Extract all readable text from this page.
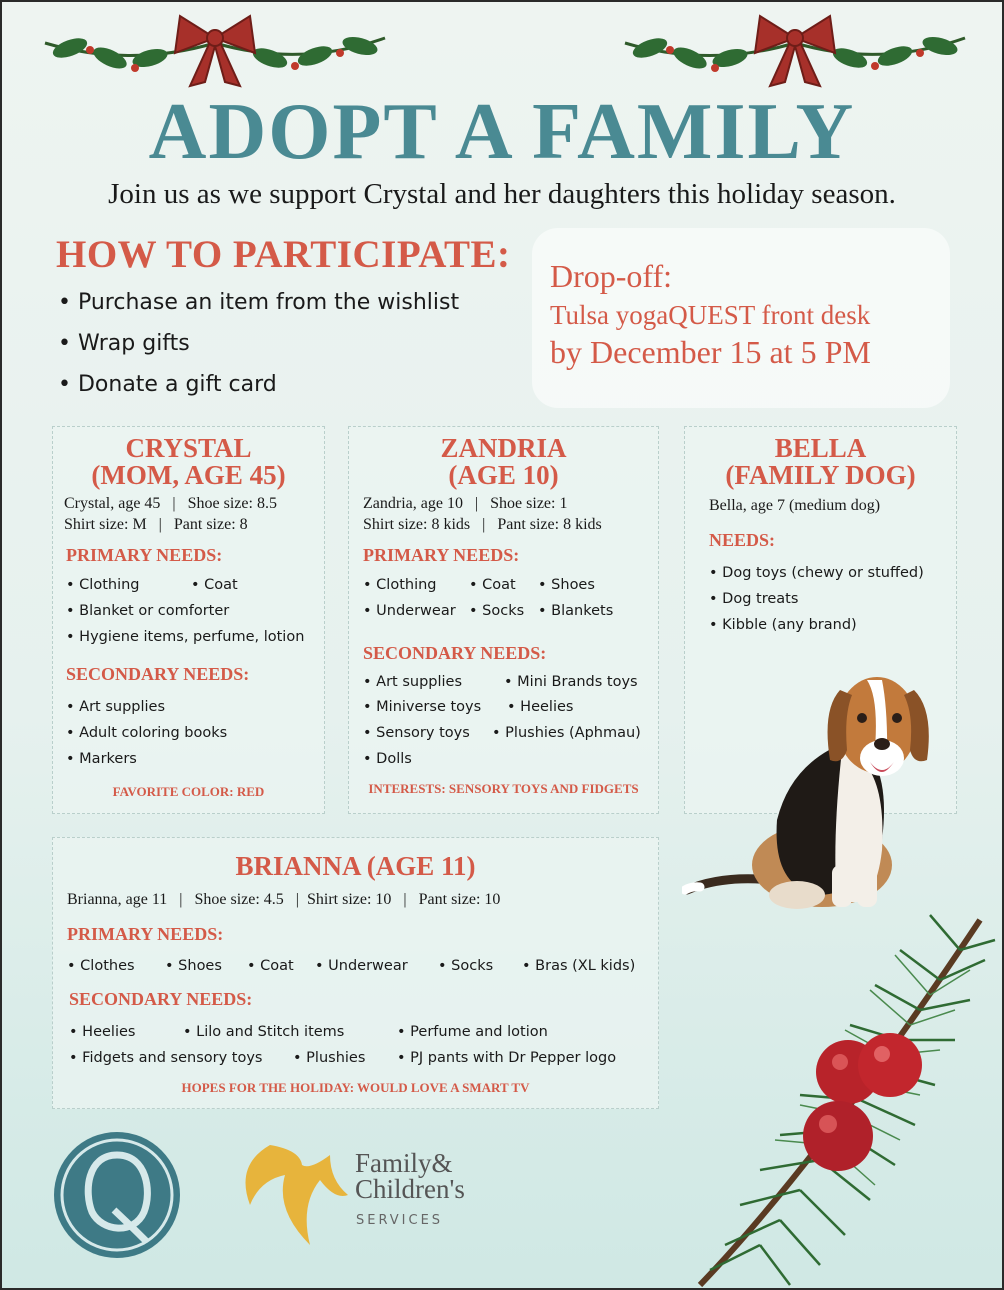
ADOPT A FAMILY
Join us as we support Crystal and her daughters this holiday season.
HOW TO PARTICIPATE:
• Purchase an item from the wishlist
• Wrap gifts
• Donate a gift card
Drop-off:
Tulsa yogaQUEST front desk
by December 15 at 5 PM
CRYSTAL
(MOM, AGE 45)
Crystal, age 45   |   Shoe size: 8.5
Shirt size: M   |   Pant size: 8
PRIMARY NEEDS:
• Clothing	• Coat
• Blanket or comforter
• Hygiene items, perfume, lotion
SECONDARY NEEDS:
• Art supplies
• Adult coloring books
• Markers
FAVORITE COLOR: RED
ZANDRIA
(AGE 10)
Zandria, age 10   |   Shoe size: 1
Shirt size: 8 kids   |   Pant size: 8 kids
PRIMARY NEEDS:
• Clothing	• Coat	• Shoes
• Underwear	• Socks	• Blankets
SECONDARY NEEDS:
• Art supplies	• Mini Brands toys
• Miniverse toys	• Heelies
• Sensory toys	• Plushies (Aphmau)
• Dolls
INTERESTS: SENSORY TOYS AND FIDGETS
BELLA
(FAMILY DOG)
Bella, age 7 (medium dog)
NEEDS:
• Dog toys (chewy or stuffed)
• Dog treats
• Kibble (any brand)
BRIANNA (AGE 11)
Brianna, age 11   |   Shoe size: 4.5   |  Shirt size: 10   |   Pant size: 10
PRIMARY NEEDS:
• Clothes	• Shoes	• Coat	• Underwear	• Socks	• Bras (XL kids)
SECONDARY NEEDS:
• Heelies	• Lilo and Stitch items	• Perfume and lotion
• Fidgets and sensory toys	• Plushies	• PJ pants with Dr Pepper logo
HOPES FOR THE HOLIDAY: WOULD LOVE A SMART TV
Family&
Children's
SERVICES
